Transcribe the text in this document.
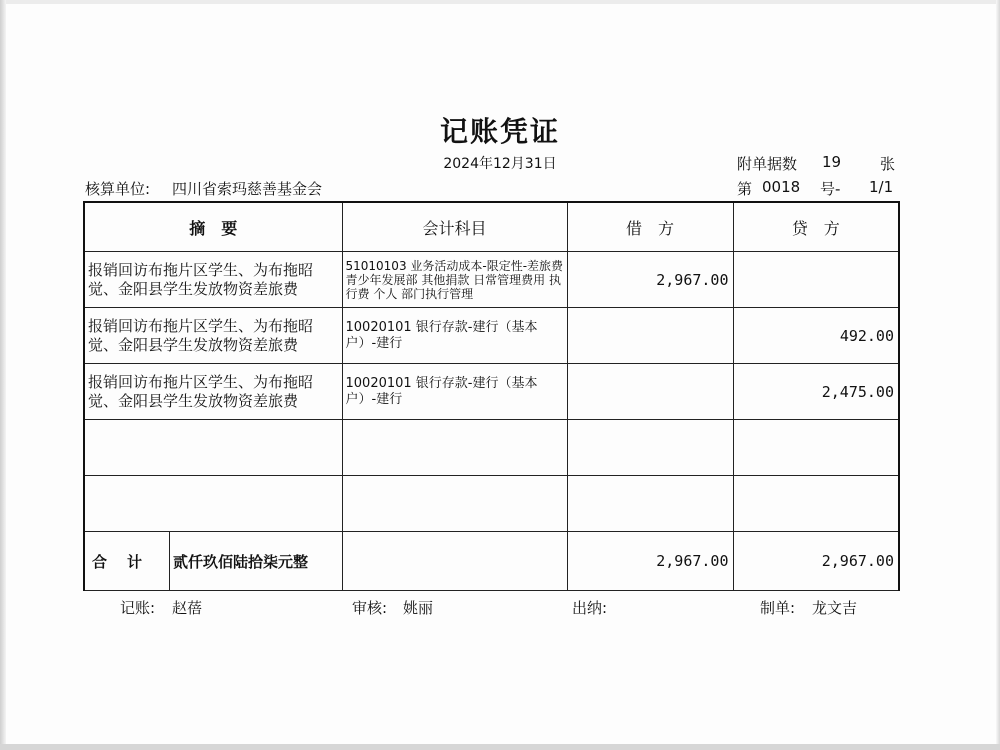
记账凭证
2024年12月31日	附单据数 19	张
核算单位: 四川省索玛慈善基金会	第 0018 号- 1/1
摘　要	会计科目	借　方	贷　方
报销回访布拖片区学生、为布拖昭觉、金阳县学生发放物资差旅费	51010103 业务活动成本-限定性-差旅费 青少年发展部 其他捐款 日常管理费用 执行费 个人 部门执行管理	2,967.00	
报销回访布拖片区学生、为布拖昭觉、金阳县学生发放物资差旅费	10020101 银行存款-建行（基本户）-建行		492.00
报销回访布拖片区学生、为布拖昭觉、金阳县学生发放物资差旅费	10020101 银行存款-建行（基本户）-建行		2,475.00

合计 贰仟玖佰陆拾柒元整		2,967.00	2,967.00
记账: 赵蓓	审核: 姚丽	出纳:	制单: 龙文吉
